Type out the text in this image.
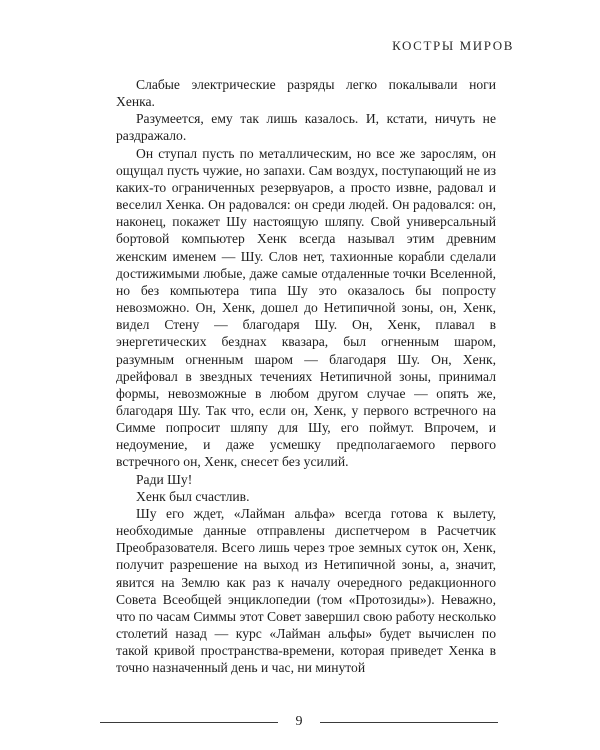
КОСТРЫ МИРОВ

Слабые электрические разряды легко покалывали ноги Хенка.

Разумеется, ему так лишь казалось. И, кстати, ничуть не раздражало.

Он ступал пусть по металлическим, но все же зарослям, он ощущал пусть чужие, но запахи. Сам воздух, поступающий не из каких-то ограниченных резервуаров, а просто извне, радовал и веселил Хенка. Он радовался: он среди людей. Он радовался: он, наконец, покажет Шу настоящую шляпу. Свой универсальный бортовой компьютер Хенк всегда называл этим древним женским именем — Шу. Слов нет, тахионные корабли сделали достижимыми любые, даже самые отдаленные точки Вселенной, но без компьютера типа Шу это оказалось бы попросту невозможно. Он, Хенк, дошел до Нетипичной зоны, он, Хенк, видел Стену — благодаря Шу. Он, Хенк, плавал в энергетических безднах квазара, был огненным шаром, разумным огненным шаром — благодаря Шу. Он, Хенк, дрейфовал в звездных течениях Нетипичной зоны, принимал формы, невозможные в любом другом случае — опять же, благодаря Шу. Так что, если он, Хенк, у первого встречного на Симме попросит шляпу для Шу, его поймут. Впрочем, и недоумение, и даже усмешку предполагаемого первого встречного он, Хенк, снесет без усилий.

Ради Шу!

Хенк был счастлив.

Шу его ждет, «Лайман альфа» всегда готова к вылету, необходимые данные отправлены диспетчером в Расчетчик Преобразователя. Всего лишь через трое земных суток он, Хенк, получит разрешение на выход из Нетипичной зоны, а, значит, явится на Землю как раз к началу очередного редакционного Совета Всеобщей энциклопедии (том «Протозиды»). Неважно, что по часам Симмы этот Совет завершил свою работу несколько столетий назад — курс «Лайман альфы» будет вычислен по такой кривой пространства-времени, которая приведет Хенка в точно назначенный день и час, ни минутой

9
